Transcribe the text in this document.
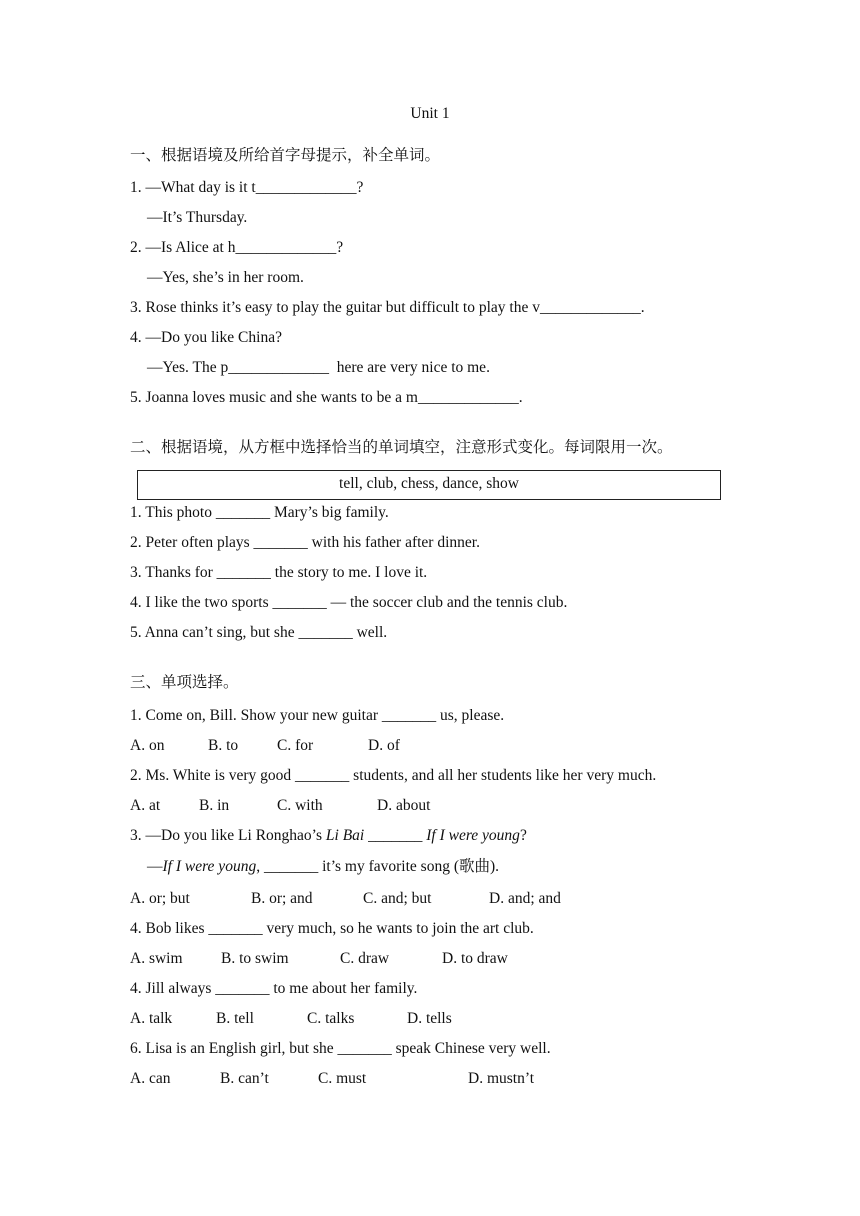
Unit 1
一、根据语境及所给首字母提示，补全单词。
1. —What day is it t_____________?
—It’s Thursday.
2. —Is Alice at h_____________?
—Yes, she’s in her room.
3. Rose thinks it’s easy to play the guitar but difficult to play the v_____________.
4. —Do you like China?
—Yes. The p_____________  here are very nice to me.
5. Joanna loves music and she wants to be a m_____________.
二、根据语境，从方框中选择恰当的单词填空，注意形式变化。每词限用一次。
tell, club, chess, dance, show
1. This photo _______ Mary’s big family.
2. Peter often plays _______ with his father after dinner.
3. Thanks for _______ the story to me. I love it.
4. I like the two sports _______ — the soccer club and the tennis club.
5. Anna can’t sing, but she _______ well.
三、单项选择。
1. Come on, Bill. Show your new guitar _______ us, please.
A. on	B. to	C. for	D. of
2. Ms. White is very good _______ students, and all her students like her very much.
A. at	B. in	C. with	D. about
3. —Do you like Li Ronghao’s Li Bai _______ If I were young?
—If I were young, _______ it’s my favorite song (歌曲).
A. or; but	B. or; and	C. and; but	D. and; and
4. Bob likes _______ very much, so he wants to join the art club.
A. swim B. to swim	C. draw	D. to draw
4. Jill always _______ to me about her family.
A. talk	B. tell	C. talks	D. tells
6. Lisa is an English girl, but she _______ speak Chinese very well.
A. can	B. can’t	C. must	D. mustn’t
